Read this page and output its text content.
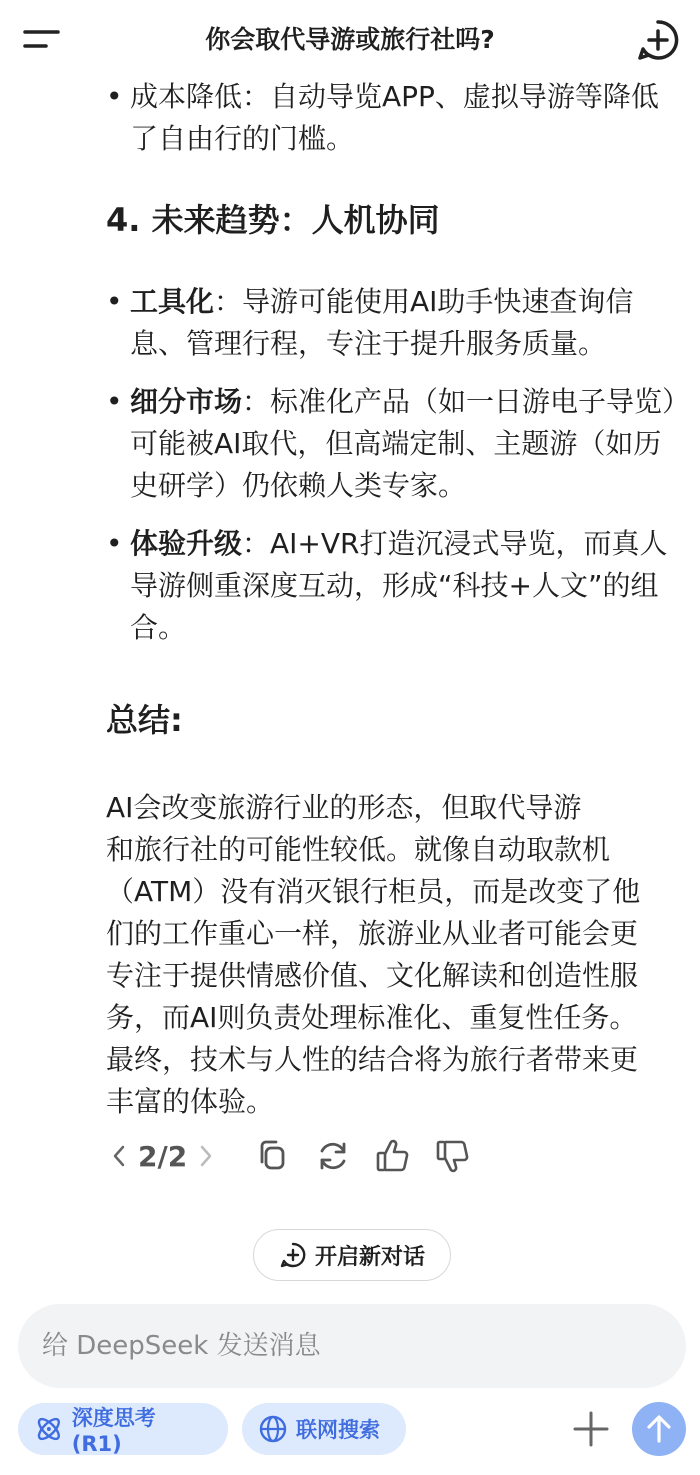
你会取代导游或旅行社吗?
• 成本降低：自动导览APP、虚拟导游等降低了自由行的门槛。
4. 未来趋势：人机协同
• 工具化：导游可能使用AI助手快速查询信息、管理行程，专注于提升服务质量。
• 细分市场：标准化产品（如一日游电子导览）可能被AI取代，但高端定制、主题游（如历史研学）仍依赖人类专家。
• 体验升级：AI+VR打造沉浸式导览，而真人导游侧重深度互动，形成“科技+人文”的组合。
总结:
AI会改变旅游行业的形态，但取代导游
和旅行社的可能性较低。就像自动取款机
（ATM）没有消灭银行柜员，而是改变了他
们的工作重心一样，旅游业从业者可能会更
专注于提供情感价值、文化解读和创造性服
务，而AI则负责处理标准化、重复性任务。
最终，技术与人性的结合将为旅行者带来更
丰富的体验。
2/2
开启新对话
给 DeepSeek 发送消息
深度思考 (R1)
联网搜索
